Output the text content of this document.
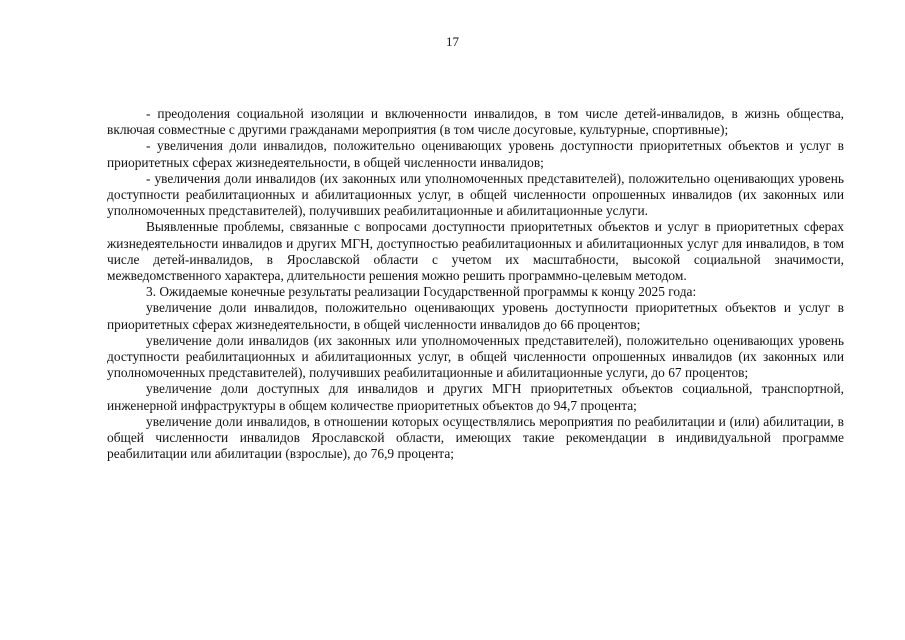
17

- преодоления социальной изоляции и включенности инвалидов, в том числе детей-инвалидов, в жизнь общества, включая совместные с другими гражданами мероприятия (в том числе досуговые, культурные, спортивные);

- увеличения доли инвалидов, положительно оценивающих уровень доступности приоритетных объектов и услуг в приоритетных сферах жизнедеятельности, в общей численности инвалидов;

- увеличения доли инвалидов (их законных или уполномоченных представителей), положительно оценивающих уровень доступности реабилитационных и абилитационных услуг, в общей численности опрошенных инвалидов (их законных или уполномоченных представителей), получивших реабилитационные и абилитационные услуги.

Выявленные проблемы, связанные с вопросами доступности приоритетных объектов и услуг в приоритетных сферах жизнедеятельности инвалидов и других МГН, доступностью реабилитационных и абилитационных услуг для инвалидов, в том числе детей-инвалидов, в Ярославской области с учетом их масштабности, высокой социальной значимости, межведомственного характера, длительности решения можно решить программно-целевым методом.

3. Ожидаемые конечные результаты реализации Государственной программы к концу 2025 года:

увеличение доли инвалидов, положительно оценивающих уровень доступности приоритетных объектов и услуг в приоритетных сферах жизнедеятельности, в общей численности инвалидов до 66 процентов;

увеличение доли инвалидов (их законных или уполномоченных представителей), положительно оценивающих уровень доступности реабилитационных и абилитационных услуг, в общей численности опрошенных инвалидов (их законных или уполномоченных представителей), получивших реабилитационные и абилитационные услуги, до 67 процентов;

увеличение доли доступных для инвалидов и других МГН приоритетных объектов социальной, транспортной, инженерной инфраструктуры в общем количестве приоритетных объектов до 94,7 процента;

увеличение доли инвалидов, в отношении которых осуществлялись мероприятия по реабилитации и (или) абилитации, в общей численности инвалидов Ярославской области, имеющих такие рекомендации в индивидуальной программе реабилитации или абилитации (взрослые), до 76,9 процента;
